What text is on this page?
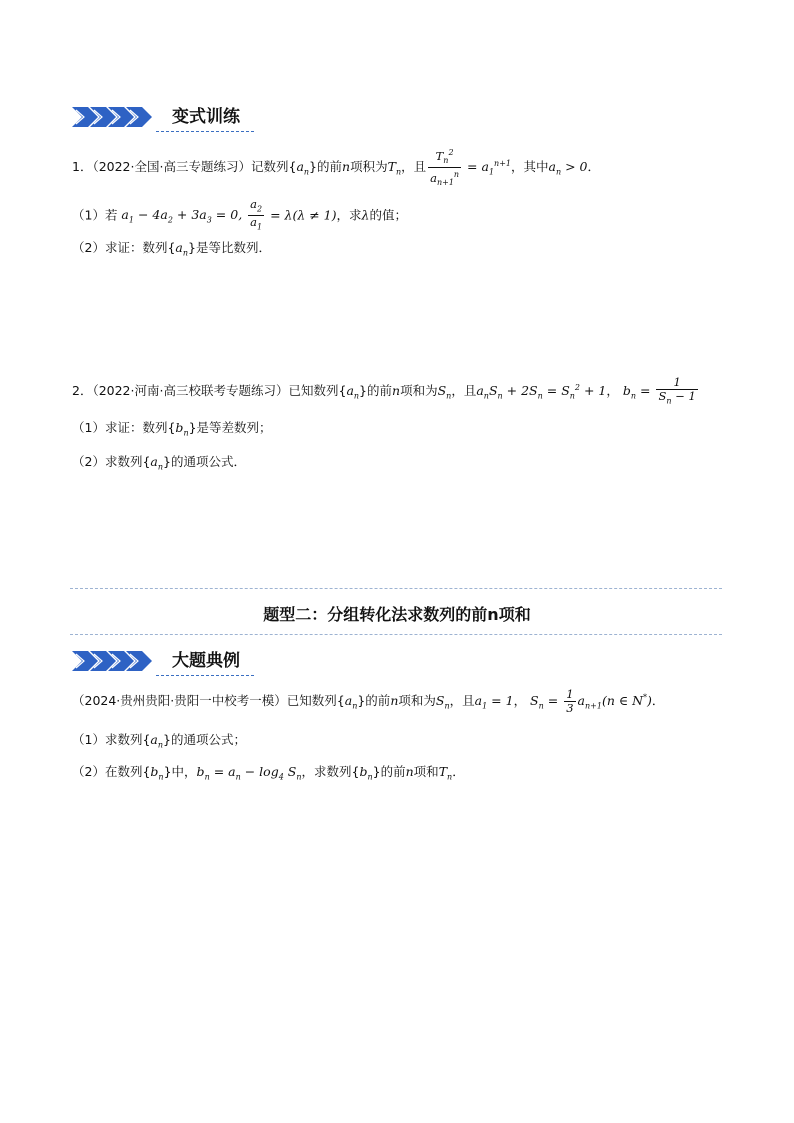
变式训练
1．（2022·全国·高三专题练习）记数列$\{a_n\}$的前n项积为$T_n$，且 $\frac{T_n^2}{a_{n+1}^n} = a_1^{n+1}$，其中$a_n > 0$．
（1）若 $a_1 - 4a_2 + 3a_3 = 0$, $\frac{a_2}{a_1} = \lambda(\lambda \ne 1)$，求λ的值；
（2）求证：数列$\{a_n\}$是等比数列．
2．（2022·河南·高三校联考专题练习）已知数列$\{a_n\}$的前n项和为$S_n$，且$a_nS_n + 2S_n = S_n^2 + 1$， $b_n = \frac{1}{S_n - 1}$
（1）求证：数列$\{b_n\}$是等差数列；
（2）求数列$\{a_n\}$的通项公式．
题型二：分组转化法求数列的前n项和
大题典例
（2024·贵州贵阳·贵阳一中校考一模）已知数列$\{a_n\}$的前n项和为$S_n$，且$a_1 = 1$， $S_n = \frac{1}{3} a_{n+1}(n$ ∈ N*)．
（1）求数列$\{a_n\}$的通项公式；
（2）在数列$\{b_n\}$中，$b_n = a_n - \log_4 S_n$，求数列$\{b_n\}$的前n项和$T_n$．
